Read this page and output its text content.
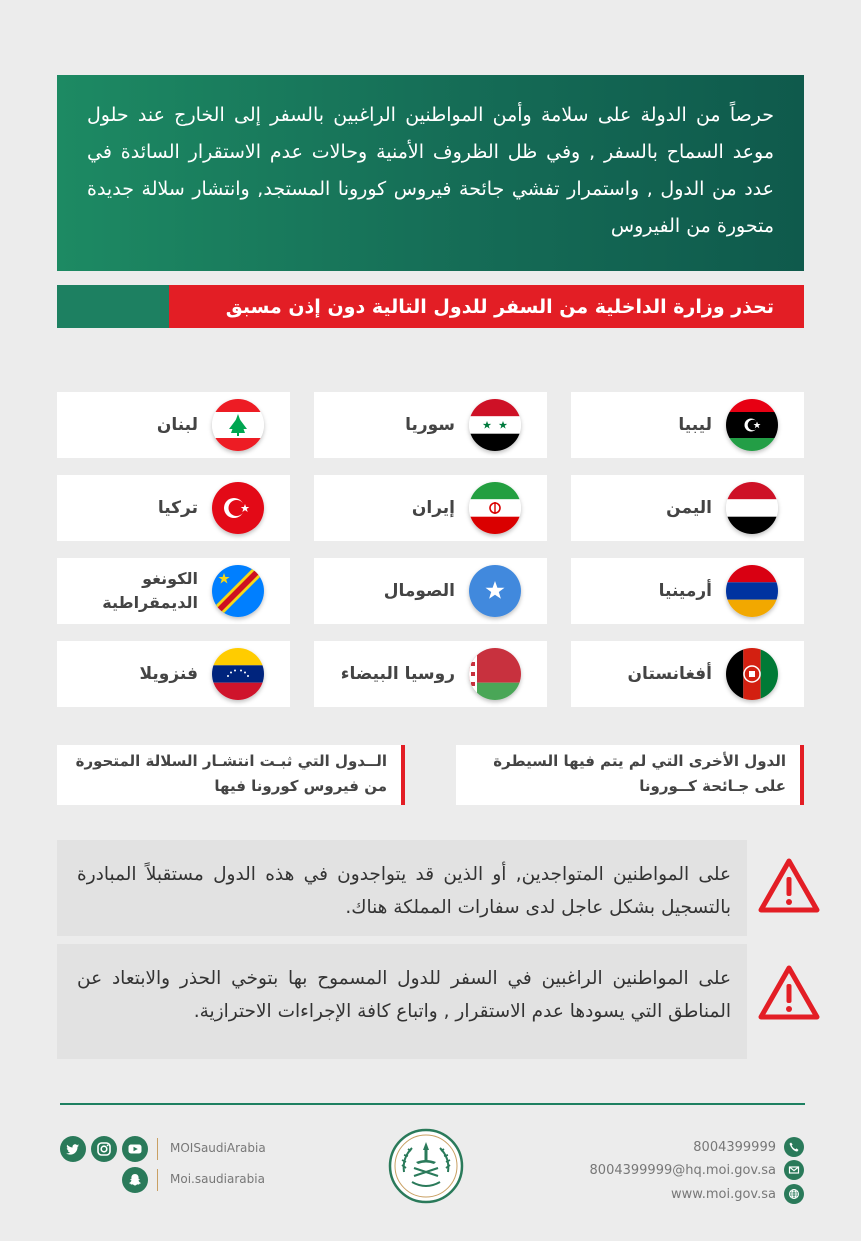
حرصاً من الدولة على سلامة وأمن المواطنين الراغبين بالسفر إلى الخارج عند حلول موعد السماح بالسفر , وفي ظل الظروف الأمنية وحالات عدم الاستقرار السائدة في عدد من الدول , واستمرار تفشي جائحة فيروس كورونا المستجد, وانتشار سلالة جديدة متحورة من الفيروس

تحذر وزارة الداخلية من السفر للدول التالية دون إذن مسبق
ليبيا
سوريا
لبنان
اليمن
إيران
تركيا
أرمينيا
الصومال
الكونغو الديمقراطية
أفغانستان
روسيا البيضاء
فنزويلا
الدول الأخرى التي لم يتم فيها السيطرة على جـائحة كــورونا
الــدول التي ثبـت انتشـار السلالة المتحورة من فيروس كورونا فيها
على المواطنين المتواجدين, أو الذين قد يتواجدون في هذه الدول مستقبلاً المبادرة بالتسجيل بشكل عاجل لدى سفارات المملكة هناك.
على المواطنين الراغبين في السفر للدول المسموح بها بتوخي الحذر والابتعاد عن المناطق التي يسودها عدم الاستقرار , واتباع كافة الإجراءات الاحترازية.
MOISaudiArabia
Moi.saudiarabia
8004399999
8004399999@hq.moi.gov.sa
www.moi.gov.sa
